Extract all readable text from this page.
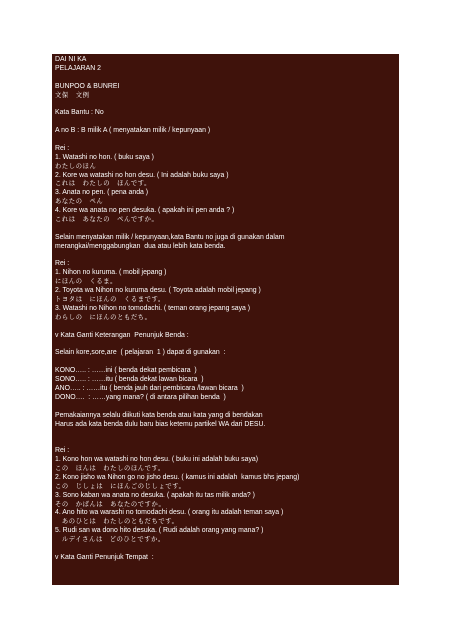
DAI NI KA
PELAJARAN 2
BUNPOO & BUNREI
文保　文例
Kata Bantu : No
A no B : B milik A ( menyatakan milik / kepunyaan )
Rei :
1. Watashi no hon. ( buku saya )
わたしのほん
2. Kore wa watashi no hon desu. ( Ini adalah buku saya )
これは　わたしの　ほんです。
3. Anata no pen. ( pena anda )
あなたの　ペん
4. Kore wa anata no pen desuka. ( apakah ini pen anda ? )
これは　あなたの　ペんですか。
Selain menyatakan milik / kepunyaan,kata Bantu no juga di gunakan dalam
merangkai/menggabungkan  dua atau lebih kata benda.
Rei :
1. Nihon no kuruma. ( mobil jepang )
にほんの　くるま。
2. Toyota wa Nihon no kuruma desu. ( Toyota adalah mobil jepang )
トヨタは　にほんの　くるまです。
3. Watashi no Nihon no tomodachi. ( teman orang jepang saya )
わらしの　にほんのともだち。
v Kata Ganti Keterangan  Penunjuk Benda :
Selain kore,sore,are  ( pelajaran  1 ) dapat di gunakan  :
KONO….. : ……ini ( benda dekat pembicara  )
SONO….. : ……itu ( benda dekat lawan bicara  )
ANO….. : ……itu ( benda jauh dari pembicara /lawan bicara  )
DONO….  : ……yang mana? ( di antara pilihan benda  )
Pemakaiannya selalu diikuti kata benda atau kata yang di bendakan
Harus ada kata benda dulu baru bias ketemu partikel WA dari DESU.
Rei :
1. Kono hon wa watashi no hon desu. ( buku ini adalah buku saya)
この　ほんは　わたしのほんです。
2. Kono jisho wa Nihon go no jisho desu. ( kamus ini adalah  kamus bhs jepang)
この　じしょは　にほんごのじしょです。
3. Sono kaban wa anata no desuka. ( apakah itu tas milik anda? )
その　かばんは　あなたのですか。
4. Ano hito wa warashi no tomodachi desu. ( orang itu adalah teman saya )
　あのひとは　わたしのともだちです。
5. Rudi san wa dono hito desuka. ( Rudi adalah orang yang mana? )
　ルデイさんは　どのひとですか。
v Kata Ganti Penunjuk Tempat  :
